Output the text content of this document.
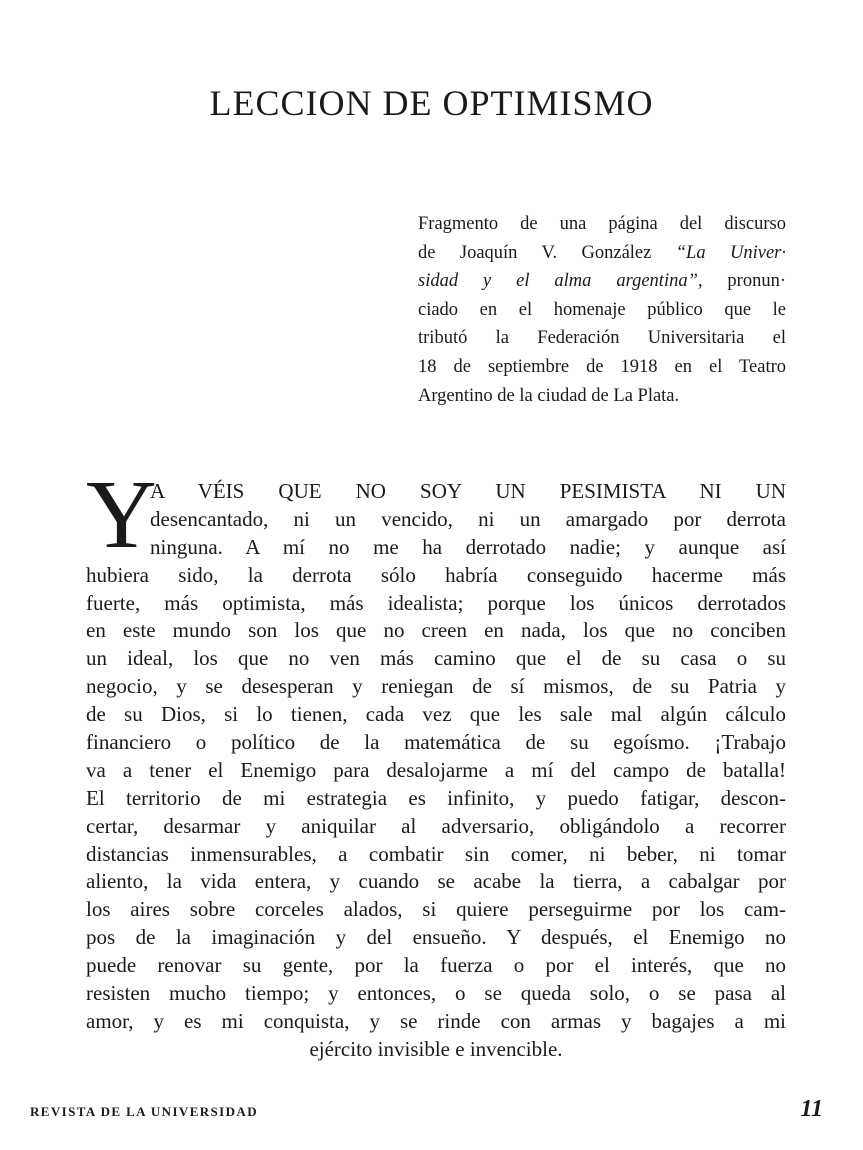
LECCION DE OPTIMISMO
Fragmento de una página del discurso
de Joaquín V. González “La Univer·
sidad y el alma argentina”, pronun·
ciado en el homenaje público que le
tributó la Federación Universitaria el
18 de septiembre de 1918 en el Teatro
Argentino de la ciudad de La Plata.
Y
A VÉIS QUE NO SOY UN PESIMISTA NI UN
desencantado, ni un vencido, ni un amargado por derrota
ninguna. A mí no me ha derrotado nadie; y aunque así
hubiera sido, la derrota sólo habría conseguido hacerme más
fuerte, más optimista, más idealista; porque los únicos derrotados
en este mundo son los que no creen en nada, los que no conciben
un ideal, los que no ven más camino que el de su casa o su
negocio, y se desesperan y reniegan de sí mismos, de su Patria y
de su Dios, si lo tienen, cada vez que les sale mal algún cálculo
financiero o político de la matemática de su egoísmo. ¡Trabajo
va a tener el Enemigo para desalojarme a mí del campo de batalla!
El territorio de mi estrategia es infinito, y puedo fatigar, descon-
certar, desarmar y aniquilar al adversario, obligándolo a recorrer
distancias inmensurables, a combatir sin comer, ni beber, ni tomar
aliento, la vida entera, y cuando se acabe la tierra, a cabalgar por
los aires sobre corceles alados, si quiere perseguirme por los cam-
pos de la imaginación y del ensueño. Y después, el Enemigo no
puede renovar su gente, por la fuerza o por el interés, que no
resisten mucho tiempo; y entonces, o se queda solo, o se pasa al
amor, y es mi conquista, y se rinde con armas y bagajes a mi
ejército invisible e invencible.
REVISTA DE LA UNIVERSIDAD	11
